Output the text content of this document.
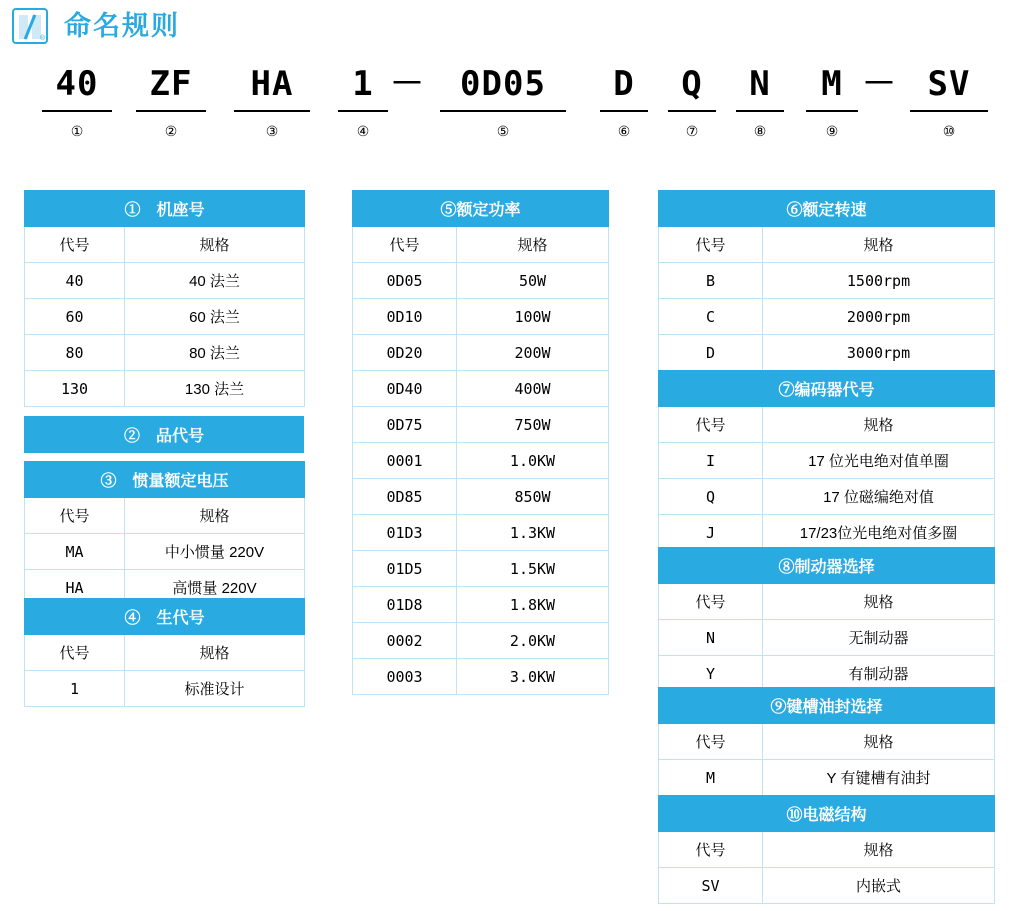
® 命名规则
40
①
ZF
②
HA
③
1
④
－	0D05
⑤
D
⑥
Q
⑦
N
⑧
M
⑨
－ SV
⑩
①　机座号	
代号	规格
40	40 法兰
60	60 法兰
80	80 法兰
130	130 法兰
②　品代号
③　惯量额定电压	
代号	规格
MA	中小惯量 220V
HA	高惯量 220V
④　生代号	
代号	规格
1	标准设计
⑤额定功率	
代号	规格
0D05	50W
0D10	100W
0D20	200W
0D40	400W
0D75	750W
0001	1.0KW
0D85	850W
01D3	1.3KW
01D5	1.5KW
01D8	1.8KW
0002	2.0KW
0003	3.0KW
⑥额定转速	
代号	规格
B	1500rpm
C	2000rpm
D	3000rpm
⑦编码器代号	
代号	规格
I	17 位光电绝对值单圈
Q	17 位磁编绝对值
J	17/23位光电绝对值多圈
⑧制动器选择	
代号	规格
N	无制动器
Y	有制动器
⑨键槽油封选择	
代号	规格
M	Y 有键槽有油封
⑩电磁结构	
代号	规格
SV	内嵌式
